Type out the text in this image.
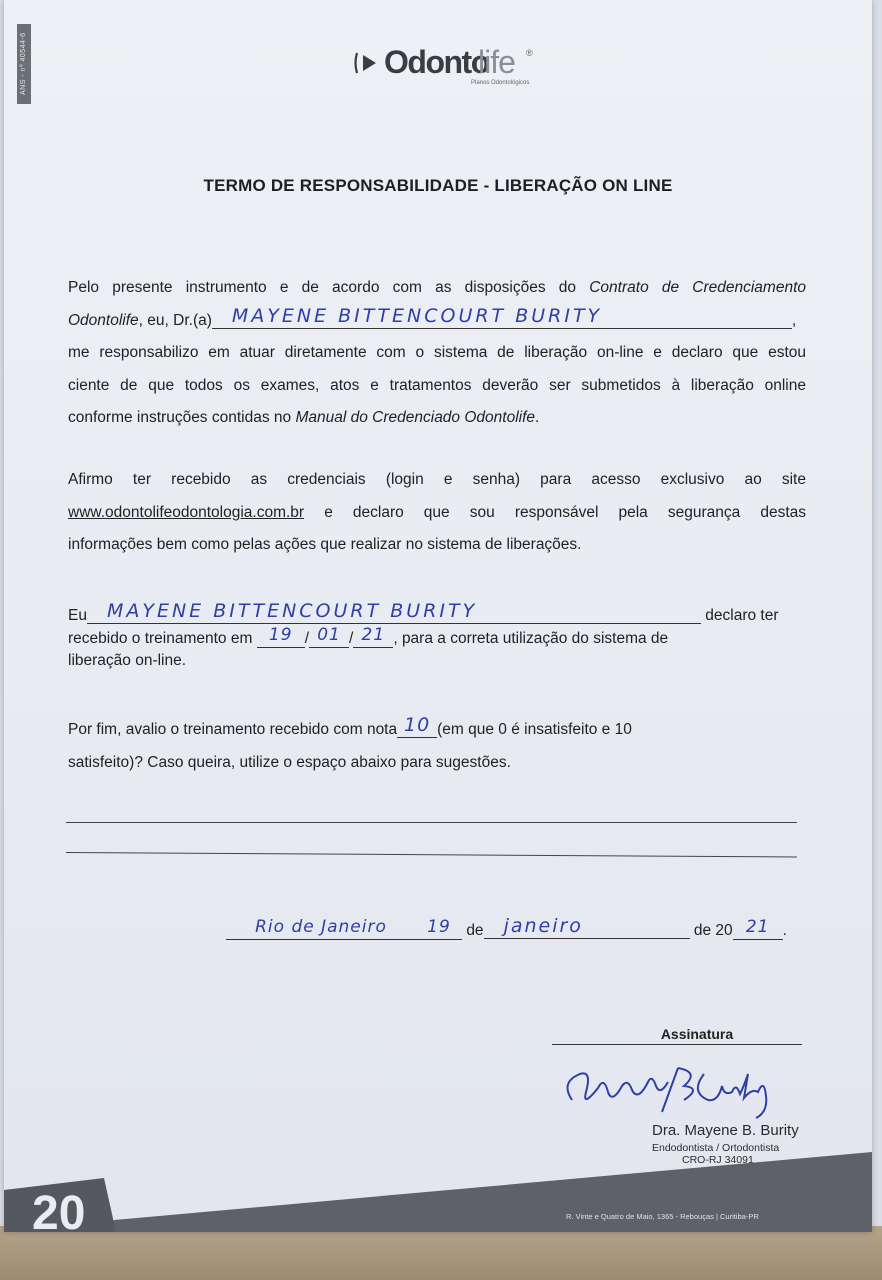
ANS - nº 40544-6	Odonto
life ®
Planos Odontológicos
TERMO DE RESPONSABILIDADE - LIBERAÇÃO ON LINE
Pelo presente instrumento e de acordo com as disposições do Contrato de Credenciamento
Odontolife, eu, Dr.(a) MAYENE BITTENCOURT BURITY	,
me responsabilizo em atuar diretamente com o sistema de liberação on-line e declaro que estou
ciente de que todos os exames, atos e tratamentos deverão ser submetidos à liberação online
conforme instruções contidas no Manual do Credenciado Odontolife.
Afirmo ter recebido as credenciais (login e senha) para acesso exclusivo ao site
www.odontolifeodontologia.com.br e declaro que sou responsável pela segurança destas
informações bem como pelas ações que realizar no sistema de liberações.
Eu MAYENE BITTENCOURT BURITY	declaro ter
recebido o treinamento em 19 / 01 / 21 , para a correta utilização do sistema de
liberação on-line.
Por fim, avalio o treinamento recebido com nota 10 (em que 0 é insatisfeito e 10
satisfeito)? Caso queira, utilize o espaço abaixo para sugestões.
Rio de Janeiro 19 de janeiro	de 20 21 .
Assinatura
Dra. Mayene B. Burity
Endodontista / Ortodontista
CRO-RJ 34091
20	R. Vinte e Quatro de Maio, 1365 - Rebouças | Curitiba-PR
